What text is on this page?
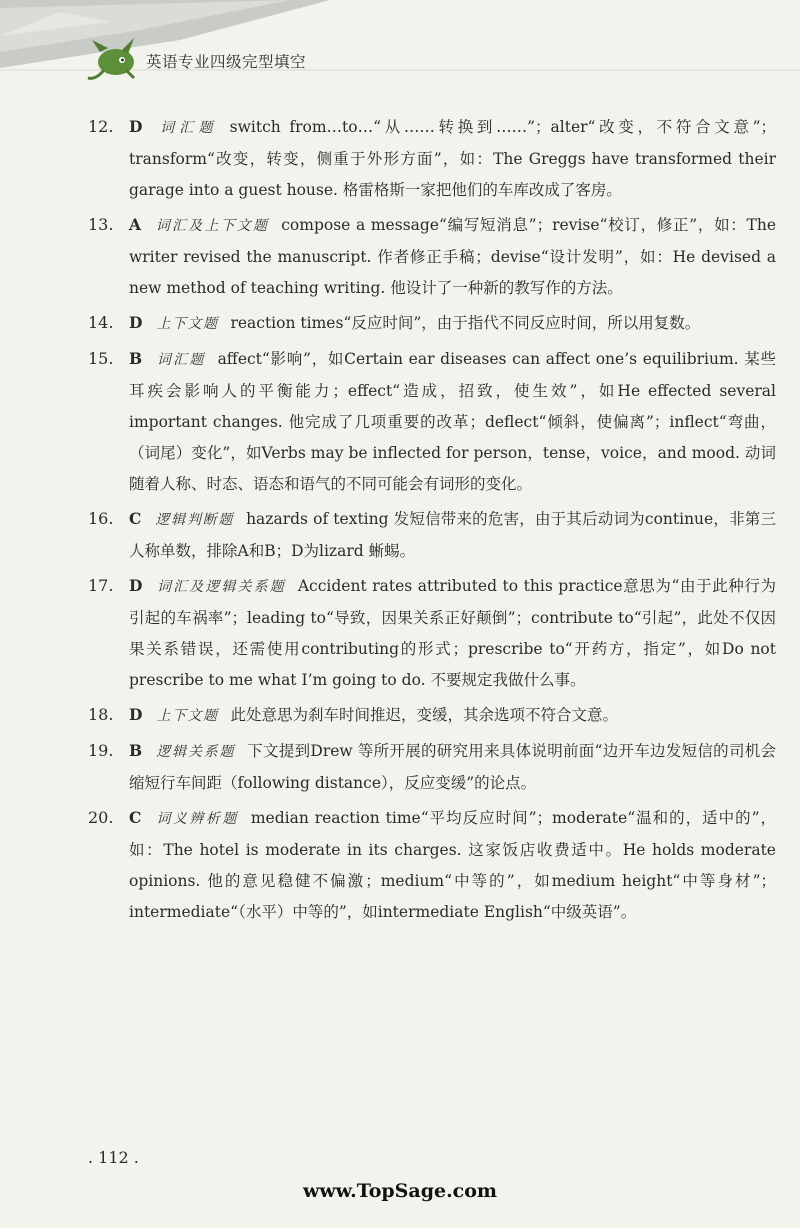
英语专业四级完型填空
12.	D 词汇题 switch from…to…“从……转换到……”；alter“改变，不符合文意”；transform“改变，转变，侧重于外形方面”，如：The Greggs have transformed their garage into a guest house. 格雷格斯一家把他们的车库改成了客房。
13.	A 词汇及上下文题 compose a message“编写短消息”；revise“校订，修正”，如：The writer revised the manuscript. 作者修正手稿；devise“设计发明”，如：He devised a new method of teaching writing. 他设计了一种新的教写作的方法。
14.	D 上下文题 reaction times“反应时间”，由于指代不同反应时间，所以用复数。
15.	B 词汇题 affect“影响”，如Certain ear diseases can affect one’s equilibrium. 某些耳疾会影响人的平衡能力；effect“造成，招致，使生效”，如He effected several important changes. 他完成了几项重要的改革；deflect“倾斜，使偏离”；inflect“弯曲，（词尾）变化”，如Verbs may be inflected for person，tense，voice，and mood. 动词随着人称、时态、语态和语气的不同可能会有词形的变化。
16.	C 逻辑判断题 hazards of texting 发短信带来的危害，由于其后动词为continue，非第三人称单数，排除A和B；D为lizard 蜥蜴。
17.	D 词汇及逻辑关系题 Accident rates attributed to this practice意思为“由于此种行为引起的车祸率”；leading to“导致，因果关系正好颠倒”；contribute to“引起”，此处不仅因果关系错误，还需使用contributing的形式；prescribe to“开药方，指定”，如Do not prescribe to me what I’m going to do. 不要规定我做什么事。
18.	D 上下文题 此处意思为刹车时间推迟，变缓，其余选项不符合文意。
19.	B 逻辑关系题 下文提到Drew 等所开展的研究用来具体说明前面“边开车边发短信的司机会缩短行车间距（following distance），反应变缓”的论点。
20.	C 词义辨析题 median reaction time“平均反应时间”；moderate“温和的，适中的”，如：The hotel is moderate in its charges. 这家饭店收费适中。He holds moderate opinions. 他的意见稳健不偏激；medium“中等的”，如medium height“中等身材”；intermediate“（水平）中等的”，如intermediate English“中级英语”。
. 112 .
www.TopSage.com
